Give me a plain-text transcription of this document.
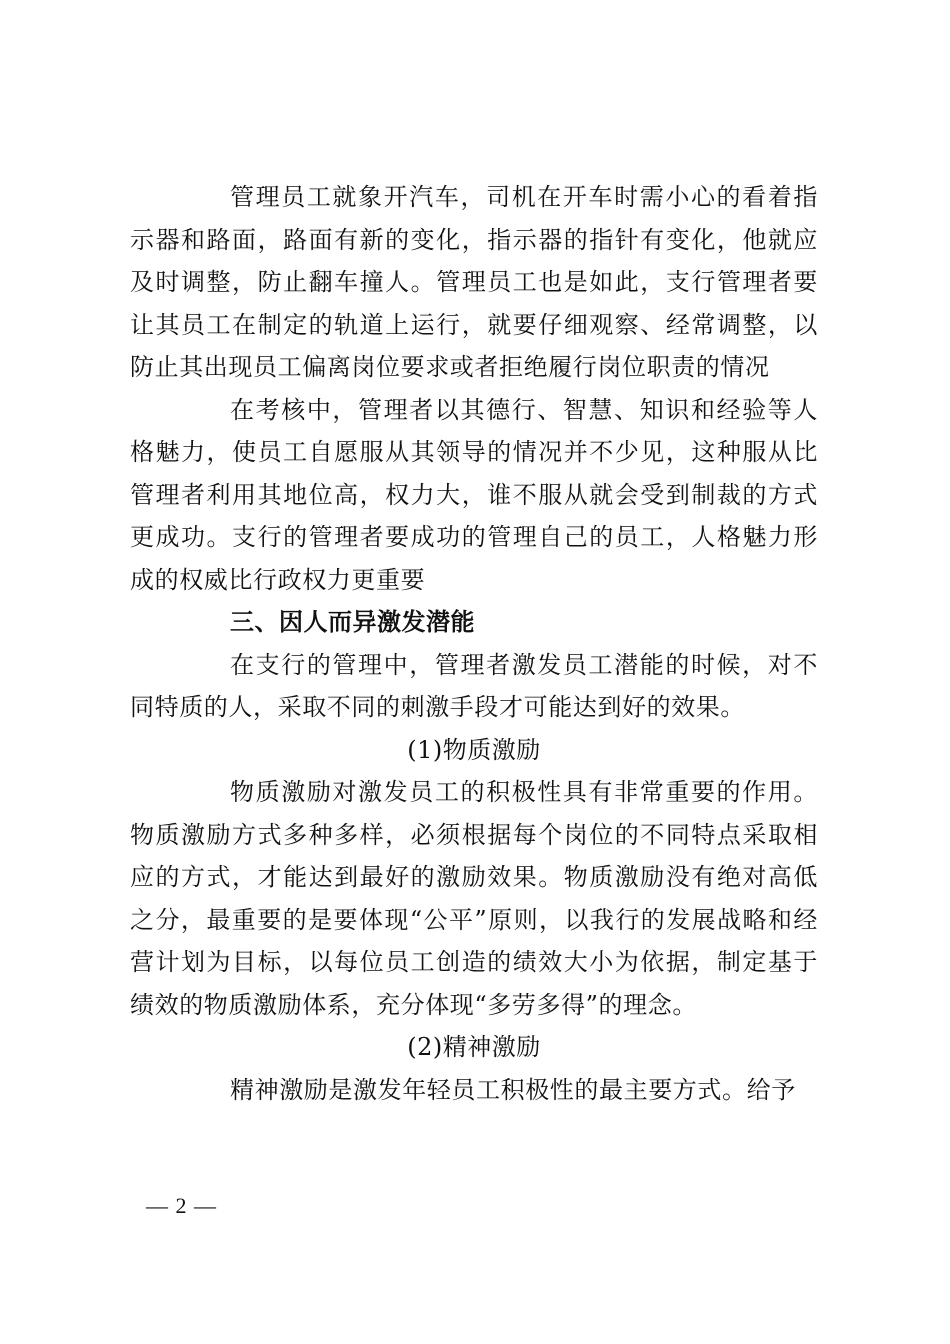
管理员工就象开汽车，司机在开车时需小心的看着指示器和路面，路面有新的变化，指示器的指针有变化，他就应及时调整，防止翻车撞人。管理员工也是如此，支行管理者要让其员工在制定的轨道上运行，就要仔细观察、经常调整，以防止其出现员工偏离岗位要求或者拒绝履行岗位职责的情况

在考核中，管理者以其德行、智慧、知识和经验等人格魅力，使员工自愿服从其领导的情况并不少见，这种服从比管理者利用其地位高，权力大，谁不服从就会受到制裁的方式更成功。支行的管理者要成功的管理自己的员工，人格魅力形成的权威比行政权力更重要

三、因人而异激发潜能

在支行的管理中，管理者激发员工潜能的时候，对不同特质的人，采取不同的刺激手段才可能达到好的效果。

(1)物质激励

物质激励对激发员工的积极性具有非常重要的作用。物质激励方式多种多样，必须根据每个岗位的不同特点采取相应的方式，才能达到最好的激励效果。物质激励没有绝对高低之分，最重要的是要体现“公平”原则，以我行的发展战略和经营计划为目标，以每位员工创造的绩效大小为依据，制定基于绩效的物质激励体系，充分体现“多劳多得”的理念。

(2)精神激励

精神激励是激发年轻员工积极性的最主要方式。给予

— 2 —
